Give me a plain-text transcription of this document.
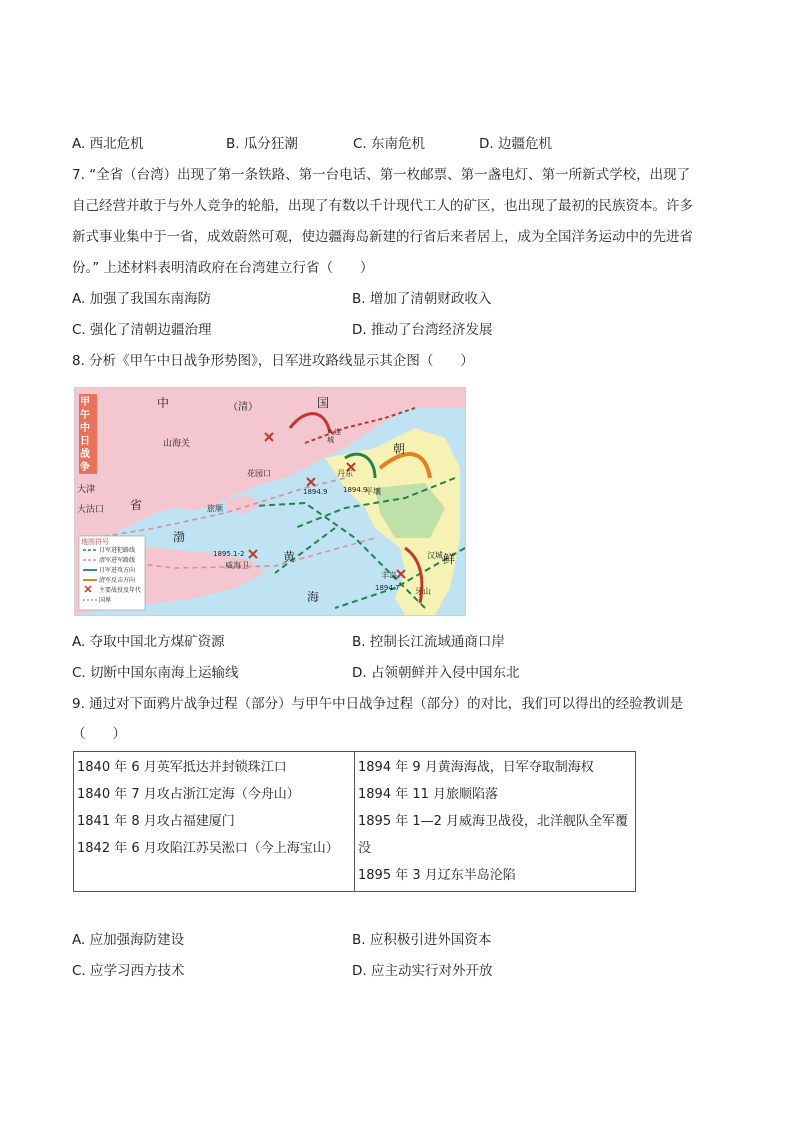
A. 西北危机	B. 瓜分狂潮	C. 东南危机	D. 边疆危机
7. “全省（台湾）出现了第一条铁路、第一台电话、第一枚邮票、第一盏电灯、第一所新式学校，出现了
自己经营并敢于与外人竞争的轮船，出现了有数以千计现代工人的矿区，也出现了最初的民族资本。许多
新式事业集中于一省，成效蔚然可观，使边疆海岛新建的行省后来者居上，成为全国洋务运动中的先进省
份。” 上述材料表明清政府在台湾建立行省（　　）
A. 加强了我国东南海防	B. 增加了清朝财政收入
C. 强化了清朝边疆治理	D. 推动了台湾经济发展
8. 分析《甲午中日战争形势图》，日军进攻路线显示其企图（　　）
甲午中日战争
中	（清）	国
山海关
大津
大沽口
花园口
旅顺
威海卫
九连城
丹东
朝
鲜
平壤
汉城
丰岛
牙山
渤
黄
海
省
1894.9 1894.9
1895.1-2
1894.7
地图符号
日军进犯路线
清军进军路线
日军进攻方向
清军反击方向
主要战役及年代
国界
A. 夺取中国北方煤矿资源	B. 控制长江流域通商口岸
C. 切断中国东南海上运输线	D. 占领朝鲜并入侵中国东北
9. 通过对下面鸦片战争过程（部分）与甲午中日战争过程（部分）的对比，我们可以得出的经验教训是
（　　）
1840 年 6 月英军抵达并封锁珠江口
1840 年 7 月攻占浙江定海（今舟山）
1841 年 8 月攻占福建厦门
1842 年 6 月攻陷江苏吴淞口（今上海宝山）

1894 年 9 月黄海海战，日军夺取制海权
1894 年 11 月旅顺陷落
1895 年 1—2 月威海卫战役，北洋舰队全军覆没
1895 年 3 月辽东半岛沦陷
A. 应加强海防建设	B. 应积极引进外国资本
C. 应学习西方技术	D. 应主动实行对外开放
